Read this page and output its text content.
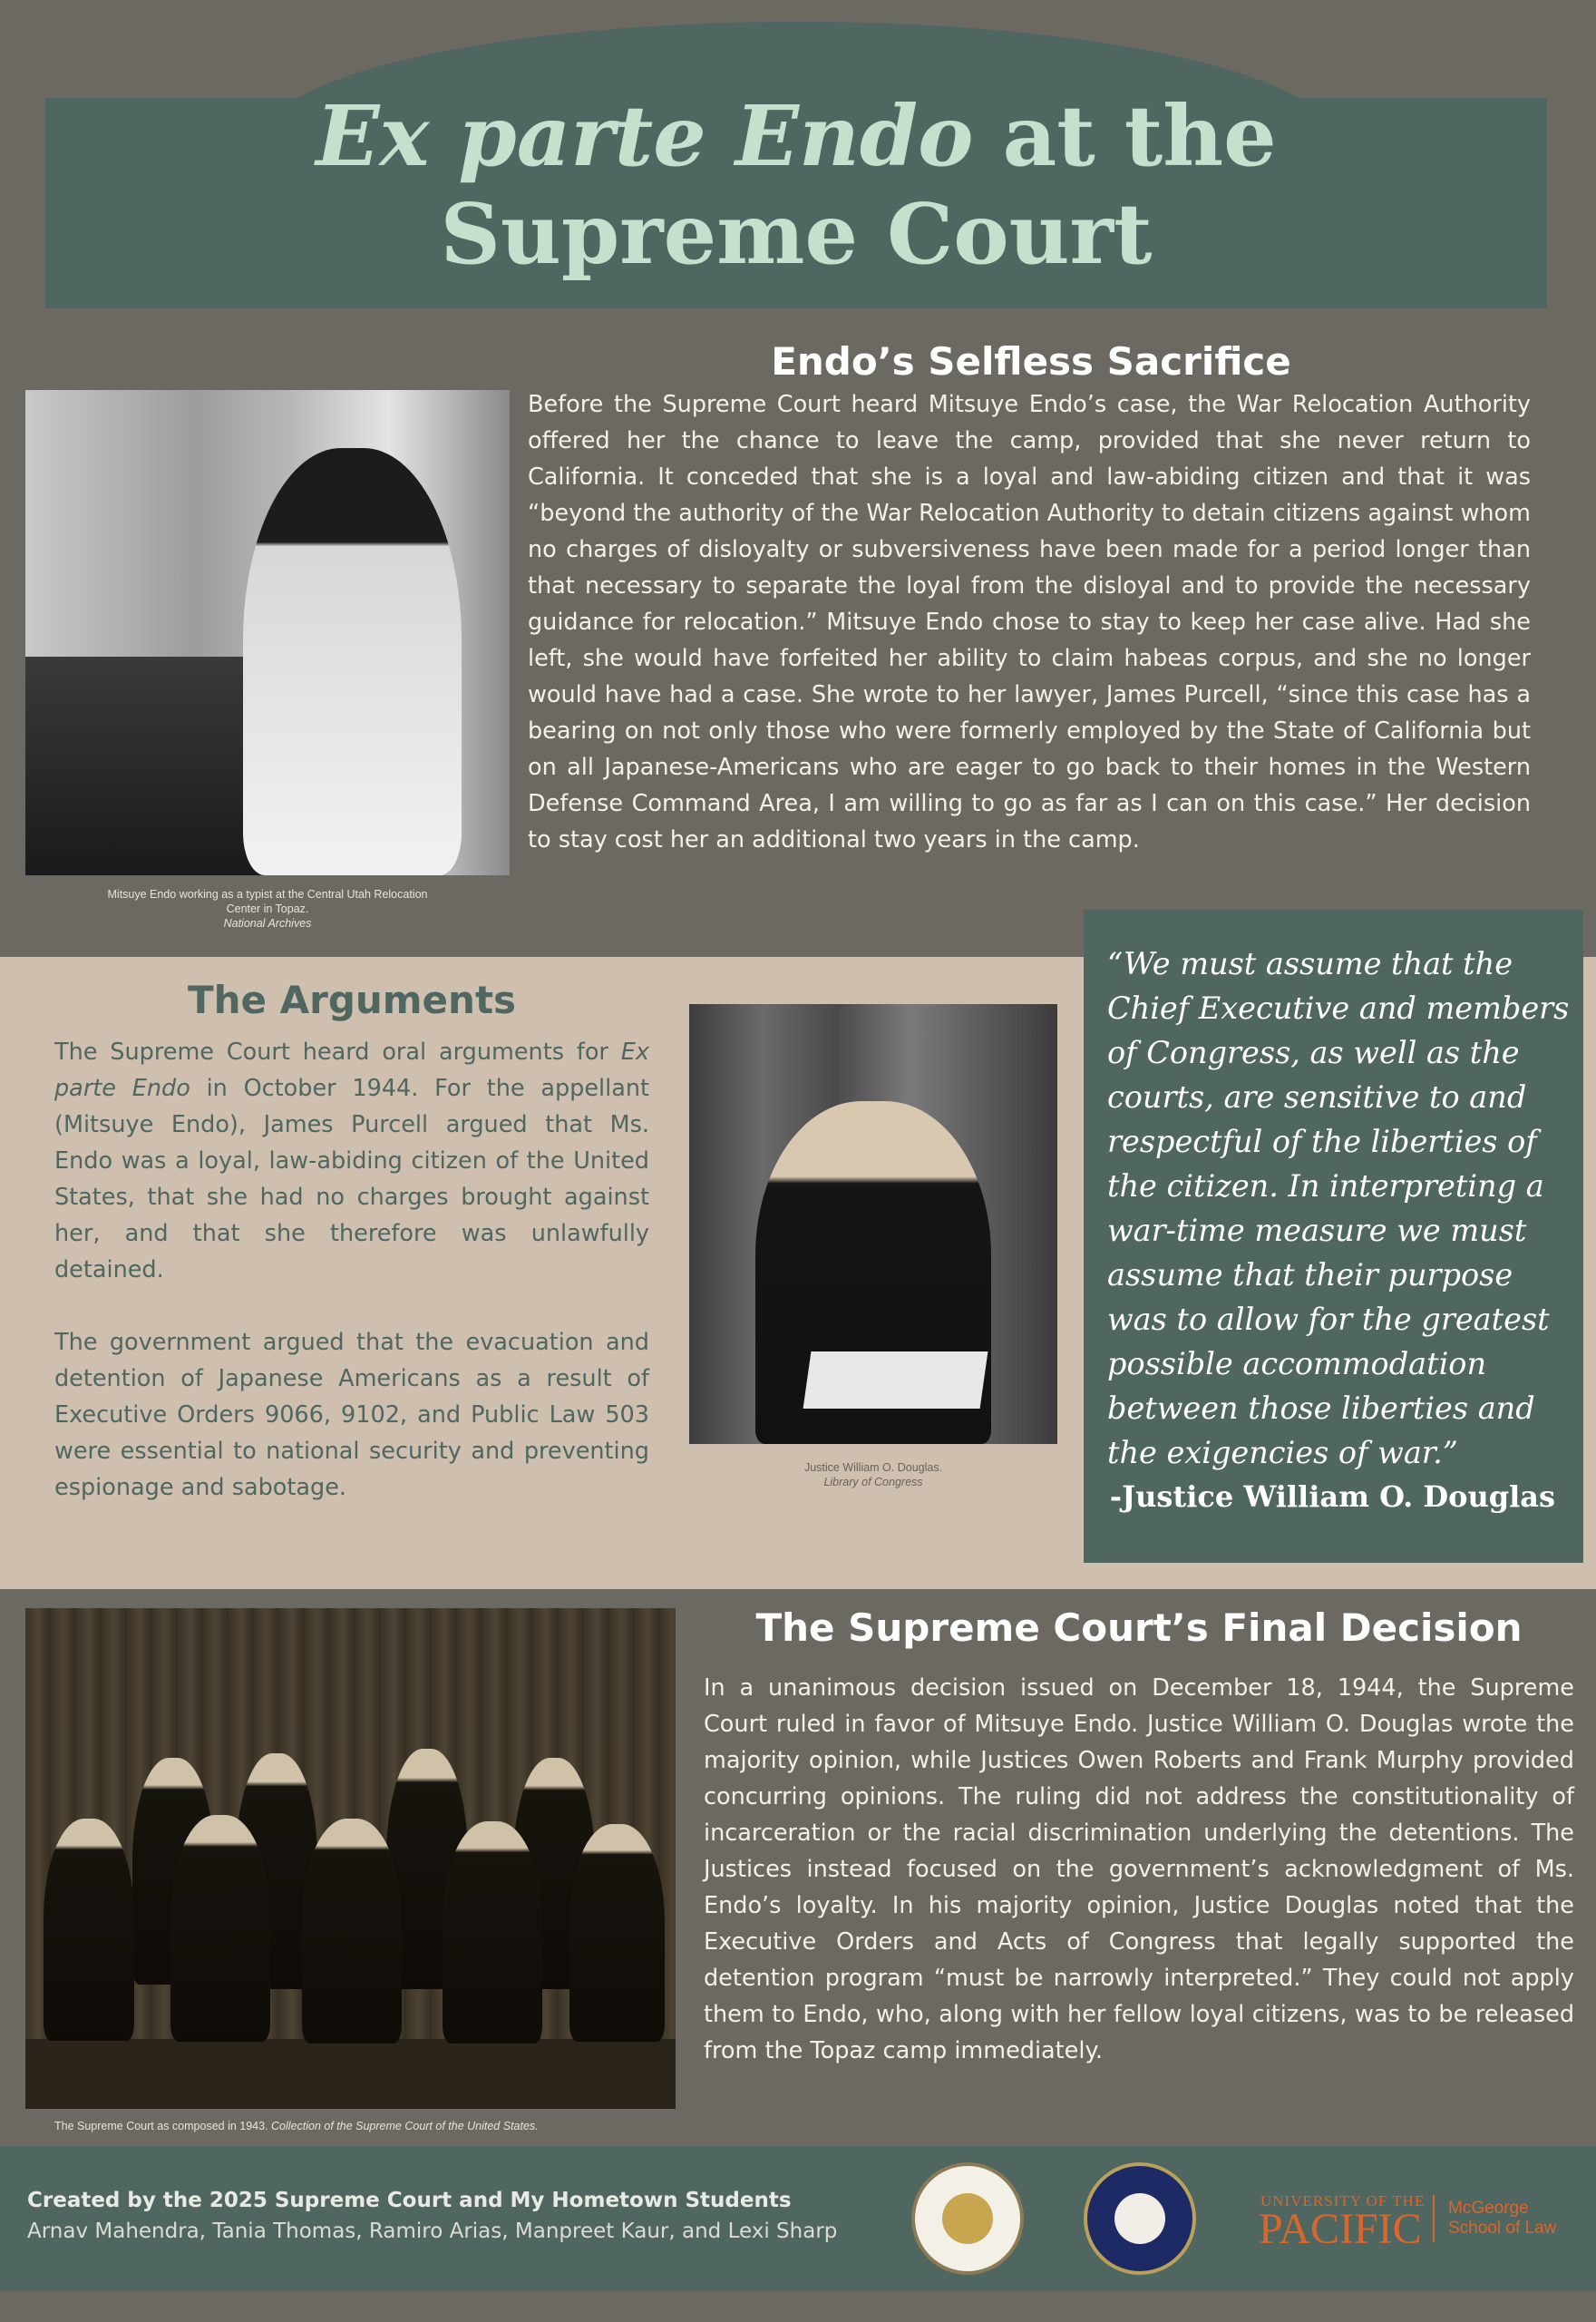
Ex parte Endo at the
Supreme Court
Mitsuye Endo working as a typist at the Central Utah Relocation Center in Topaz.
National Archives
Endo’s Selfless Sacrifice
Before the Supreme Court heard Mitsuye Endo’s case, the War Relocation Authority offered her the chance to leave the camp, provided that she never return to California. It conceded that she is a loyal and law-abiding citizen and that it was “beyond the authority of the War Relocation Authority to detain citizens against whom no charges of disloyalty or subversiveness have been made for a period longer than that necessary to separate the loyal from the disloyal and to provide the necessary guidance for relocation.” Mitsuye Endo chose to stay to keep her case alive. Had she left, she would have forfeited her ability to claim habeas corpus, and she no longer would have had a case. She wrote to her lawyer, James Purcell, “since this case has a bearing on not only those who were formerly employed by the State of California but on all Japanese-Americans who are eager to go back to their homes in the Western Defense Command Area, I am willing to go as far as I can on this case.” Her decision to stay cost her an additional two years in the camp.
The Arguments

The Supreme Court heard oral arguments for Ex parte Endo in October 1944. For the appellant (Mitsuye Endo), James Purcell argued that Ms. Endo was a loyal, law-abiding citizen of the United States, that she had no charges brought against her, and that she therefore was unlawfully detained.

The government argued that the evacuation and detention of Japanese Americans as a result of Executive Orders 9066, 9102, and Public Law 503 were essential to national security and preventing espionage and sabotage.

Justice William O. Douglas.
Library of Congress
“We must assume that the Chief Executive and members of Congress, as well as the courts, are sensitive to and respectful of the liberties of the citizen. In interpreting a war-time measure we must assume that their purpose was to allow for the greatest possible accommodation between those liberties and the exigencies of war.”
-Justice William O. Douglas
The Supreme Court as composed in 1943. Collection of the Supreme Court of the United States.
The Supreme Court’s Final Decision
In a unanimous decision issued on December 18, 1944, the Supreme Court ruled in favor of Mitsuye Endo. Justice William O. Douglas wrote the majority opinion, while Justices Owen Roberts and Frank Murphy provided concurring opinions. The ruling did not address the constitutionality of incarceration or the racial discrimination underlying the detentions. The Justices instead focused on the government’s acknowledgment of Ms. Endo’s loyalty. In his majority opinion, Justice Douglas noted that the Executive Orders and Acts of Congress that legally supported the detention program “must be narrowly interpreted.” They could not apply them to Endo, who, along with her fellow loyal citizens, was to be released from the Topaz camp immediately.
Created by the 2025 Supreme Court and My Hometown Students
Arnav Mahendra, Tania Thomas, Ramiro Arias, Manpreet Kaur, and Lexi Sharp
UNIVERSITY OF THE
PACIFIC McGeorge
School of Law
